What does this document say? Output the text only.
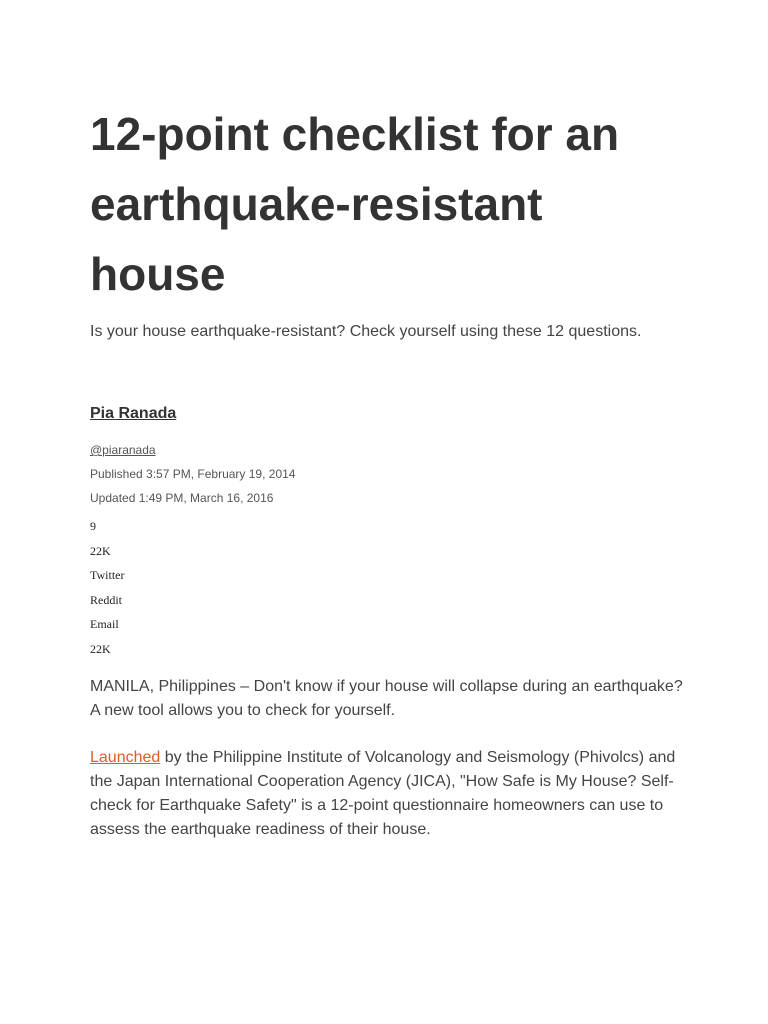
12-point checklist for an
earthquake-resistant
house

Is your house earthquake-resistant? Check yourself using these 12 questions.

Pia Ranada
@piaranada
Published 3:57 PM, February 19, 2014
Updated 1:49 PM, March 16, 2016
9
22K
Twitter
Reddit
Email
22K

MANILA, Philippines – Don't know if your house will collapse during an earthquake? A new tool allows you to check for yourself.

Launched by the Philippine Institute of Volcanology and Seismology (Phivolcs) and the Japan International Cooperation Agency (JICA), "How Safe is My House? Self-check for Earthquake Safety" is a 12-point questionnaire homeowners can use to assess the earthquake readiness of their house.
